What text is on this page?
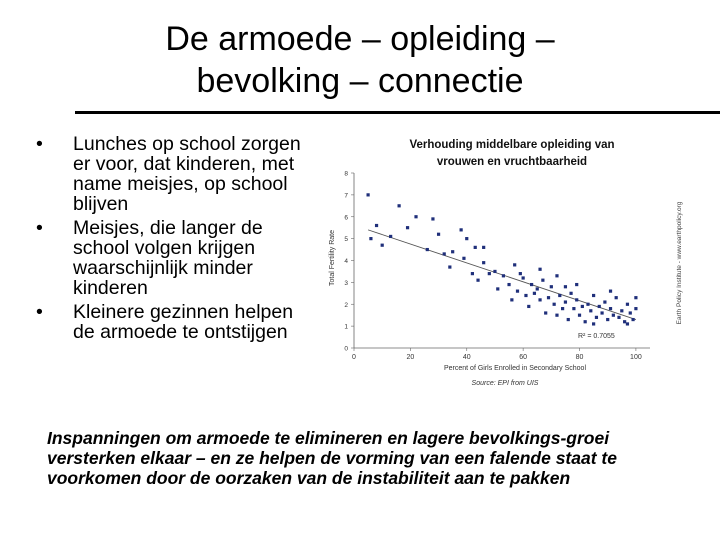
De armoede – opleiding –
bevolking – connectie
• Lunches op school zorgen er voor, dat kinderen, met name meisjes, op school blijven
• Meisjes, die langer de school volgen krijgen waarschijnlijk minder kinderen
• Kleinere gezinnen helpen de armoede te ontstijgen
Verhouding middelbare opleiding van
vrouwen en vruchtbaarheid
0	20	40	60	80	100
0
1
2
3
4
5
6
7
8
Percent of Girls Enrolled in Secondary School
Source: EPI from UIS
Total Fertility Rate	Earth Policy Institute - www.earthpolicy.org
R² = 0.7055
Inspanningen om armoede te elimineren en lagere bevolkings-groei versterken elkaar – en ze helpen de vorming van een falende staat te voorkomen door de oorzaken van de instabiliteit aan te pakken
